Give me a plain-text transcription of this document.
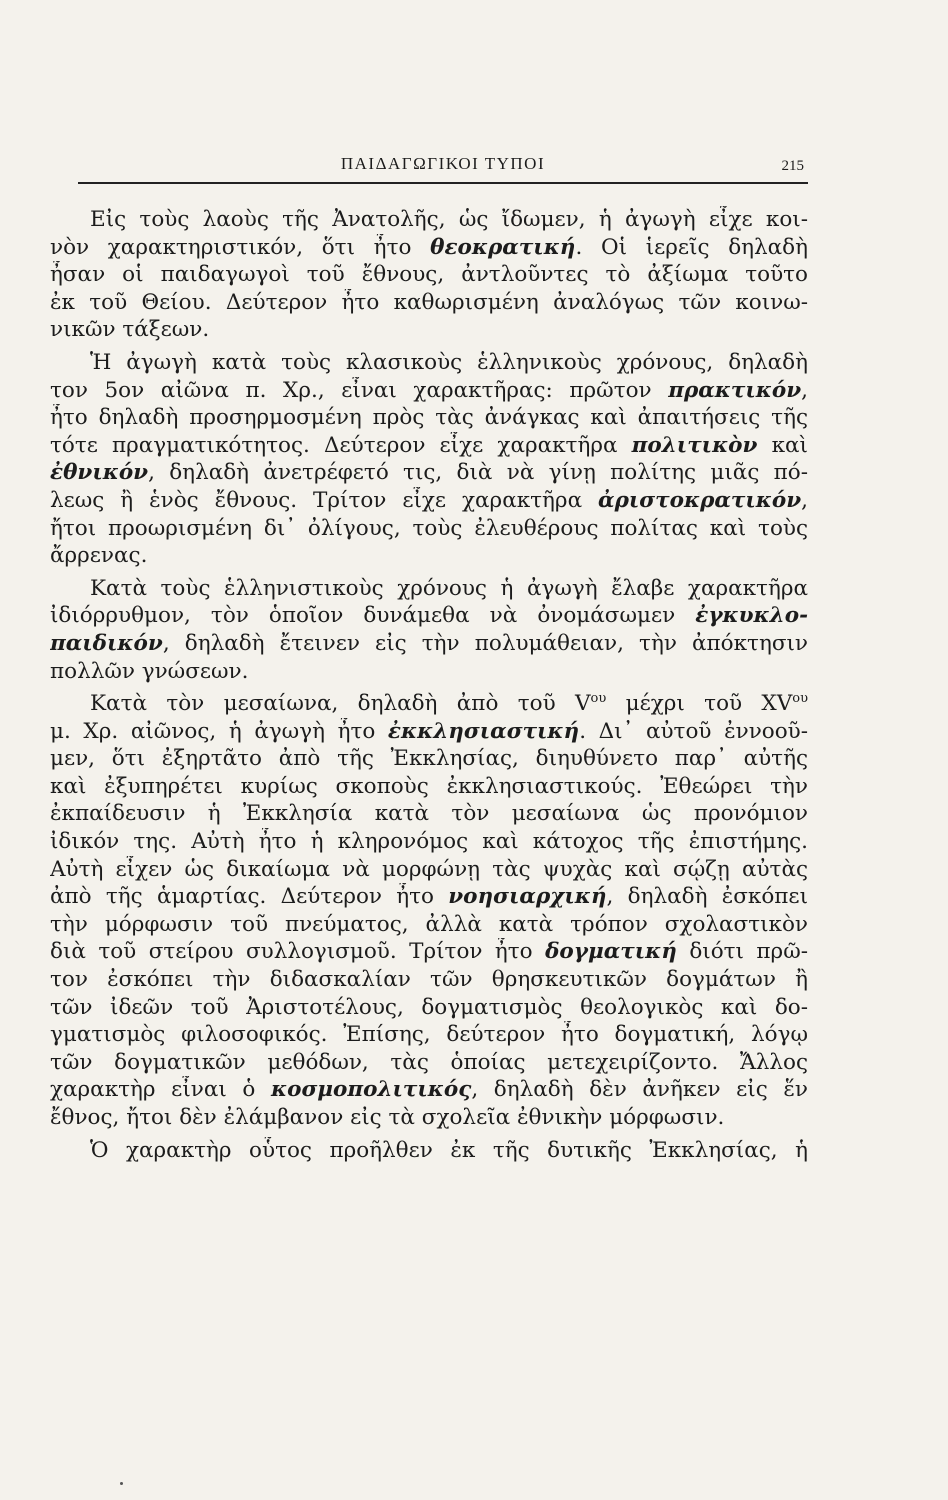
ΠΑΙΔΑΓΩΓΙΚΟΙ ΤΥΠΟΙ	215
Εἰς τοὺς λαοὺς τῆς Ἀνατολῆς, ὡς ἴδωμεν, ἡ ἀγωγὴ εἶχε κοι-
νὸν χαρακτηριστικόν, ὅτι ἦτο θεοκρατική. Οἱ ἱερεῖς δηλαδὴ
ἦσαν οἱ παιδαγωγοὶ τοῦ ἔθνους, ἀντλοῦντες τὸ ἀξίωμα τοῦτο
ἐκ τοῦ Θείου. Δεύτερον ἦτο καθωρισμένη ἀναλόγως τῶν κοινω-
νικῶν τάξεων.
Ἡ ἀγωγὴ κατὰ τοὺς κλασικοὺς ἑλληνικοὺς χρόνους, δηλαδὴ
τον 5ον αἰῶνα π. Χρ., εἶναι χαρακτῆρας: πρῶτον πρακτικόν,
ἦτο δηλαδὴ προσηρμοσμένη πρὸς τὰς ἀνάγκας καὶ ἀπαιτήσεις τῆς
τότε πραγματικότητος. Δεύτερον εἶχε χαρακτῆρα πολιτικὸν καὶ
ἐθνικόν, δηλαδὴ ἀνετρέφετό τις, διὰ νὰ γίνῃ πολίτης μιᾶς πό-
λεως ἢ ἑνὸς ἔθνους. Τρίτον εἶχε χαρακτῆρα ἀριστοκρατικόν,
ἤτοι προωρισμένη δι᾽ ὀλίγους, τοὺς ἐλευθέρους πολίτας καὶ τοὺς
ἄρρενας.
Κατὰ τοὺς ἑλληνιστικοὺς χρόνους ἡ ἀγωγὴ ἔλαβε χαρακτῆρα
ἰδιόρρυθμον, τὸν ὁποῖον δυνάμεθα νὰ ὀνομάσωμεν ἐγκυκλο-
παιδικόν, δηλαδὴ ἔτεινεν εἰς τὴν πολυμάθειαν, τὴν ἀπόκτησιν
πολλῶν γνώσεων.
Κατὰ τὸν μεσαίωνα, δηλαδὴ ἀπὸ τοῦ $V^{o\upsilon}$ μέχρι τοῦ $XV^{o\upsilon}$
μ. Χρ. αἰῶνος, ἡ ἀγωγὴ ἦτο ἐκκλησιαστική. Δι᾽ αὐτοῦ ἐννοοῦ-
μεν, ὅτι ἐξηρτᾶτο ἀπὸ τῆς Ἐκκλησίας, διηυθύνετο παρ᾽ αὐτῆς
καὶ ἐξυπηρέτει κυρίως σκοποὺς ἐκκλησιαστικούς. Ἐθεώρει τὴν
ἐκπαίδευσιν ἡ Ἐκκλησία κατὰ τὸν μεσαίωνα ὡς προνόμιον
ἰδικόν της. Αὐτὴ ἦτο ἡ κληρονόμος καὶ κάτοχος τῆς ἐπιστήμης.
Αὐτὴ εἶχεν ὡς δικαίωμα νὰ μορφώνῃ τὰς ψυχὰς καὶ σῴζῃ αὐτὰς
ἀπὸ τῆς ἁμαρτίας. Δεύτερον ἦτο νοησιαρχική, δηλαδὴ ἐσκόπει
τὴν μόρφωσιν τοῦ πνεύματος, ἀλλὰ κατὰ τρόπον σχολαστικὸν
διὰ τοῦ στείρου συλλογισμοῦ. Τρίτον ἦτο δογματική διότι πρῶ-
τον ἐσκόπει τὴν διδασκαλίαν τῶν θρησκευτικῶν δογμάτων ἢ
τῶν ἰδεῶν τοῦ Ἀριστοτέλους, δογματισμὸς θεολογικὸς καὶ δο-
γματισμὸς φιλοσοφικός. Ἐπίσης, δεύτερον ἦτο δογματική, λόγῳ
τῶν δογματικῶν μεθόδων, τὰς ὁποίας μετεχειρίζοντο. Ἄλλος
χαρακτὴρ εἶναι ὁ κοσμοπολιτικός, δηλαδὴ δὲν ἀνῆκεν εἰς ἕν
ἔθνος, ἤτοι δὲν ἐλάμβανον εἰς τὰ σχολεῖα ἐθνικὴν μόρφωσιν.
Ὁ χαρακτὴρ οὗτος προῆλθεν ἐκ τῆς δυτικῆς Ἐκκλησίας, ἡ
